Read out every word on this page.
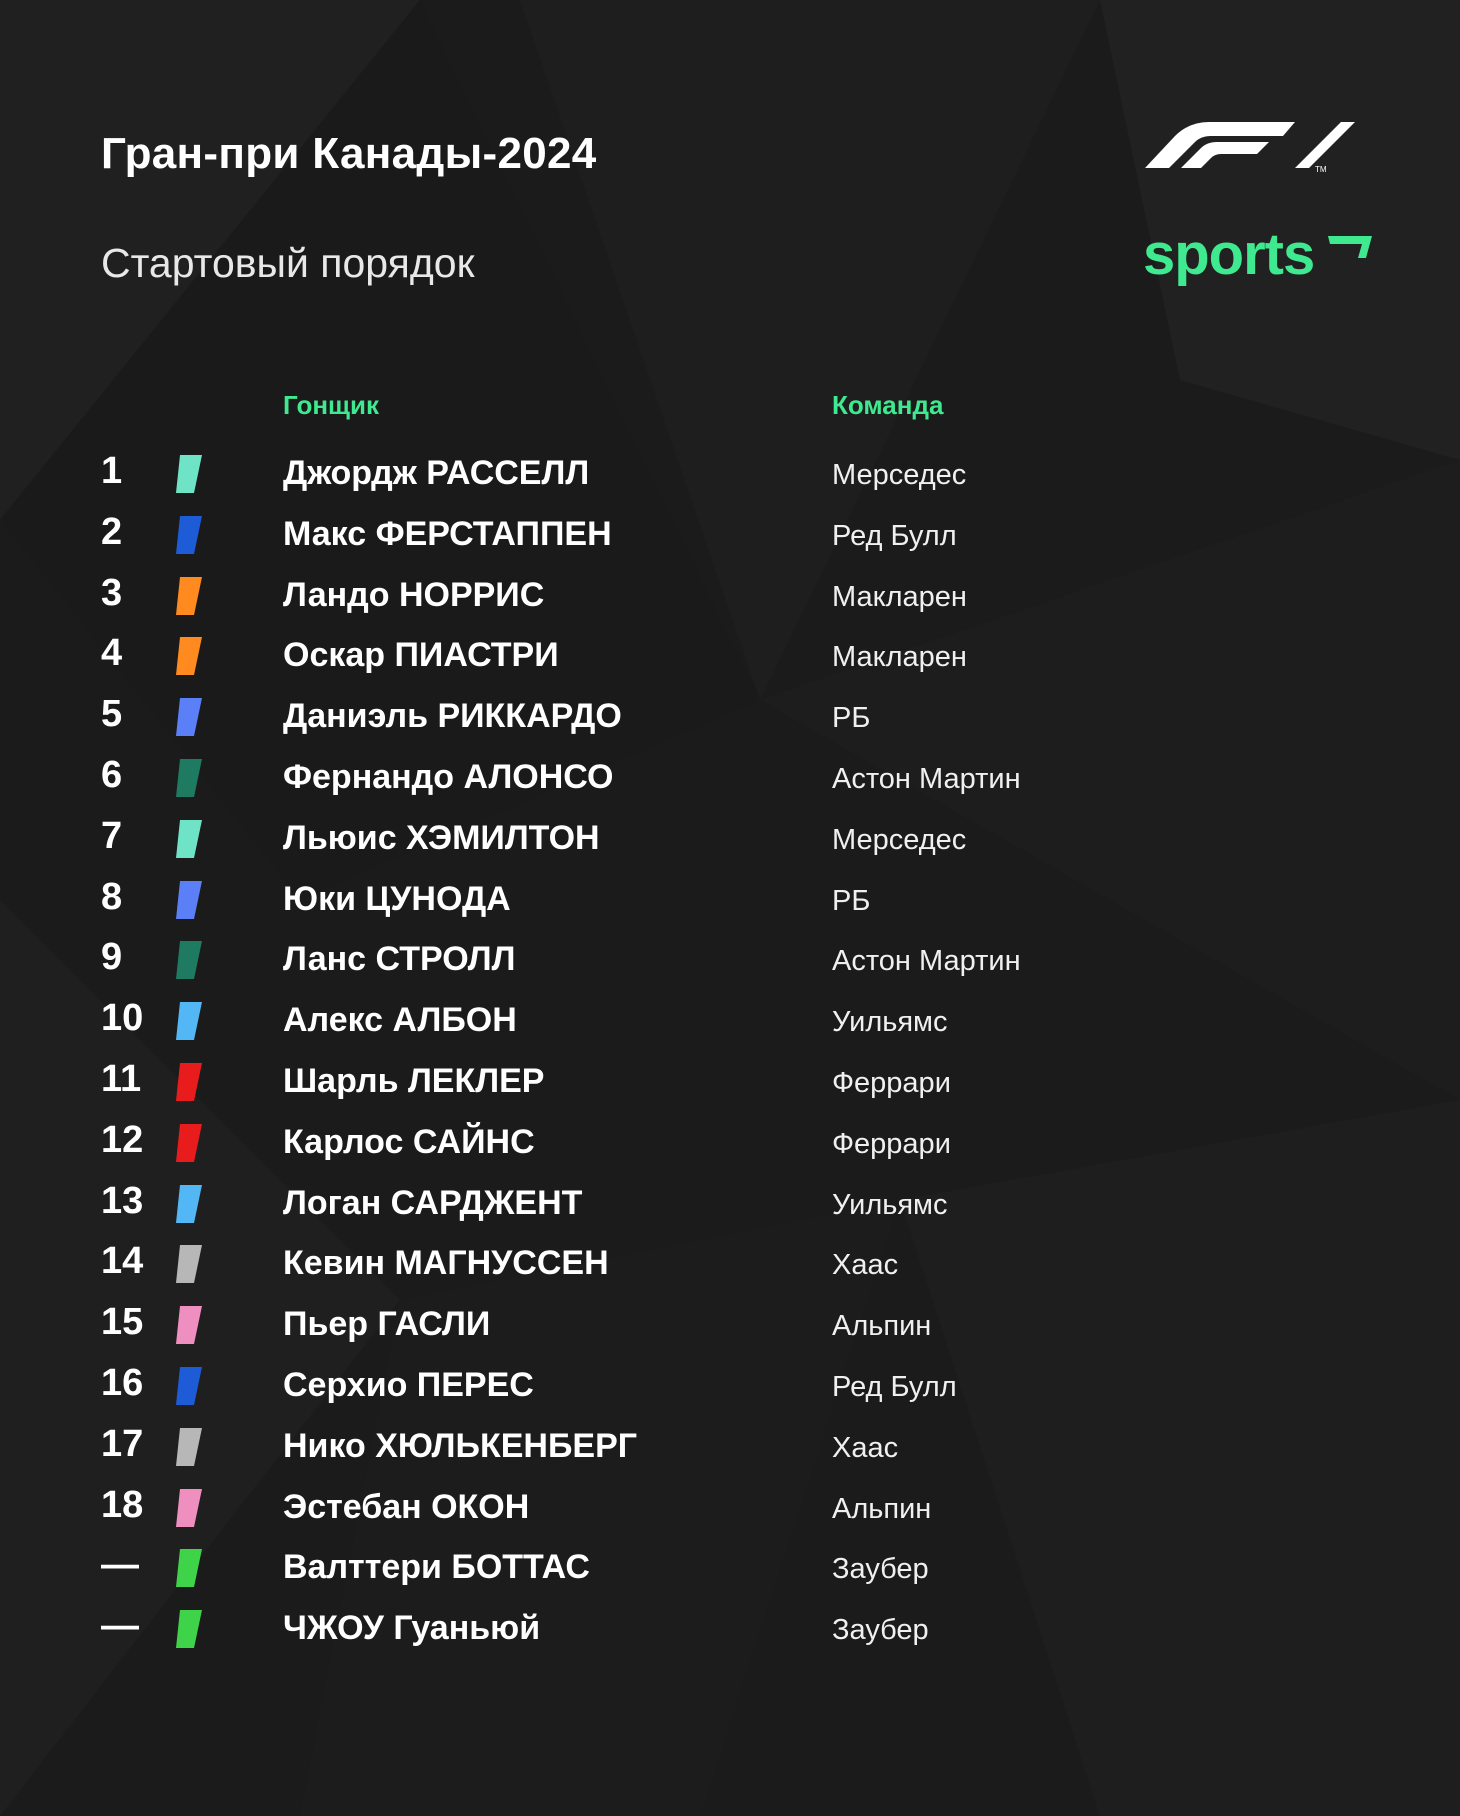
Гран-при Канады-2024
Стартовый порядок
TM
sports
Гонщик	Команда
1	Джордж РАССЕЛЛ	Мерседес
2	Макс ФЕРСТАППЕН	Ред Булл
3	Ландо НОРРИС	Макларен
4	Оскар ПИАСТРИ	Макларен
5	Даниэль РИККАРДО	РБ
6	Фернандо АЛОНСО	Астон Мартин
7	Льюис ХЭМИЛТОН	Мерседес
8	Юки ЦУНОДА	РБ
9	Ланс СТРОЛЛ	Астон Мартин
10	Алекс АЛБОН	Уильямс
11	Шарль ЛЕКЛЕР	Феррари
12	Карлос САЙНС	Феррари
13	Логан САРДЖЕНТ	Уильямс
14	Кевин МАГНУССЕН	Хаас
15	Пьер ГАСЛИ	Альпин
16	Серхио ПЕРЕС	Ред Булл
17	Нико ХЮЛЬКЕНБЕРГ	Хаас
18	Эстебан ОКОН	Альпин
—	Валттери БОТТАС	Заубер
—	ЧЖОУ Гуаньюй	Заубер
